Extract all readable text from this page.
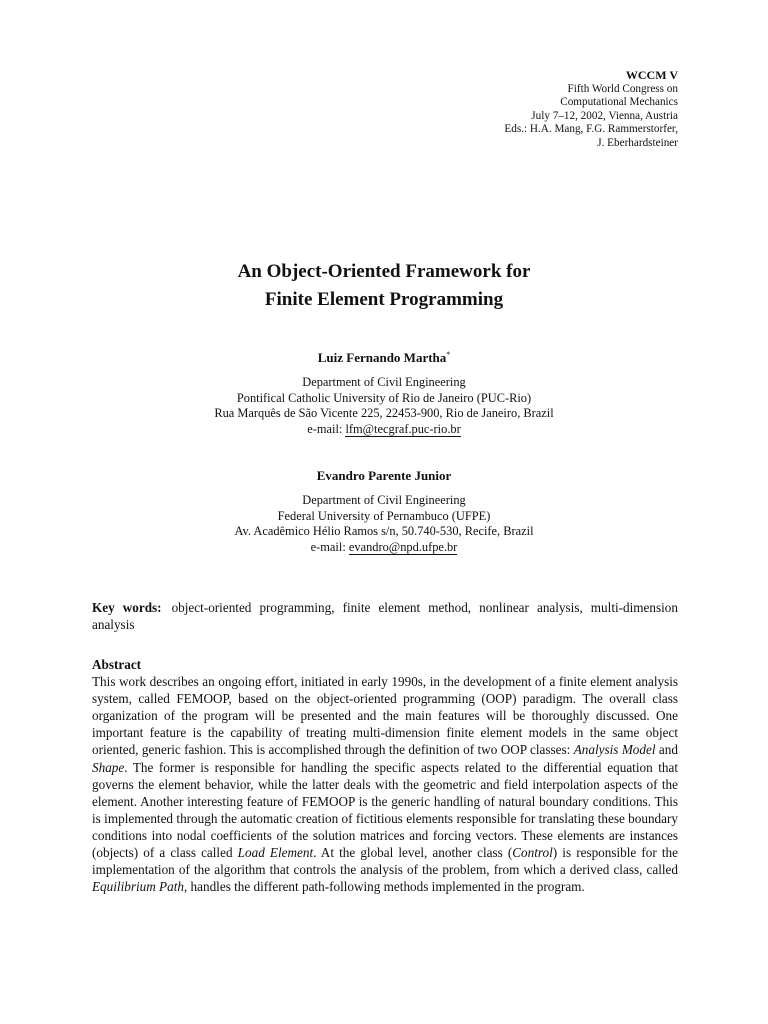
WCCM V
Fifth World Congress on
Computational Mechanics
July 7–12, 2002, Vienna, Austria
Eds.: H.A. Mang, F.G. Rammerstorfer,
J. Eberhardsteiner
An Object-Oriented Framework for
Finite Element Programming
Luiz Fernando Martha*
Department of Civil Engineering
Pontifical Catholic University of Rio de Janeiro (PUC-Rio)
Rua Marquês de São Vicente 225, 22453-900, Rio de Janeiro, Brazil
e-mail: lfm@tecgraf.puc-rio.br
Evandro Parente Junior
Department of Civil Engineering
Federal University of Pernambuco (UFPE)
Av. Acadêmico Hélio Ramos s/n, 50.740-530, Recife, Brazil
e-mail: evandro@npd.ufpe.br
Key words: object-oriented programming, finite element method, nonlinear analysis, multi-dimension analysis
Abstract

This work describes an ongoing effort, initiated in early 1990s, in the development of a finite element analysis system, called FEMOOP, based on the object-oriented programming (OOP) paradigm. The overall class organization of the program will be presented and the main features will be thoroughly discussed. One important feature is the capability of treating multi-dimension finite element models in the same object oriented, generic fashion. This is accomplished through the definition of two OOP classes: Analysis Model and Shape. The former is responsible for handling the specific aspects related to the differential equation that governs the element behavior, while the latter deals with the geometric and field interpolation aspects of the element. Another interesting feature of FEMOOP is the generic handling of natural boundary conditions. This is implemented through the automatic creation of fictitious elements responsible for translating these boundary conditions into nodal coefficients of the solution matrices and forcing vectors. These elements are instances (objects) of a class called Load Element. At the global level, another class (Control) is responsible for the implementation of the algorithm that controls the analysis of the problem, from which a derived class, called Equilibrium Path, handles the different path-following methods implemented in the program.
